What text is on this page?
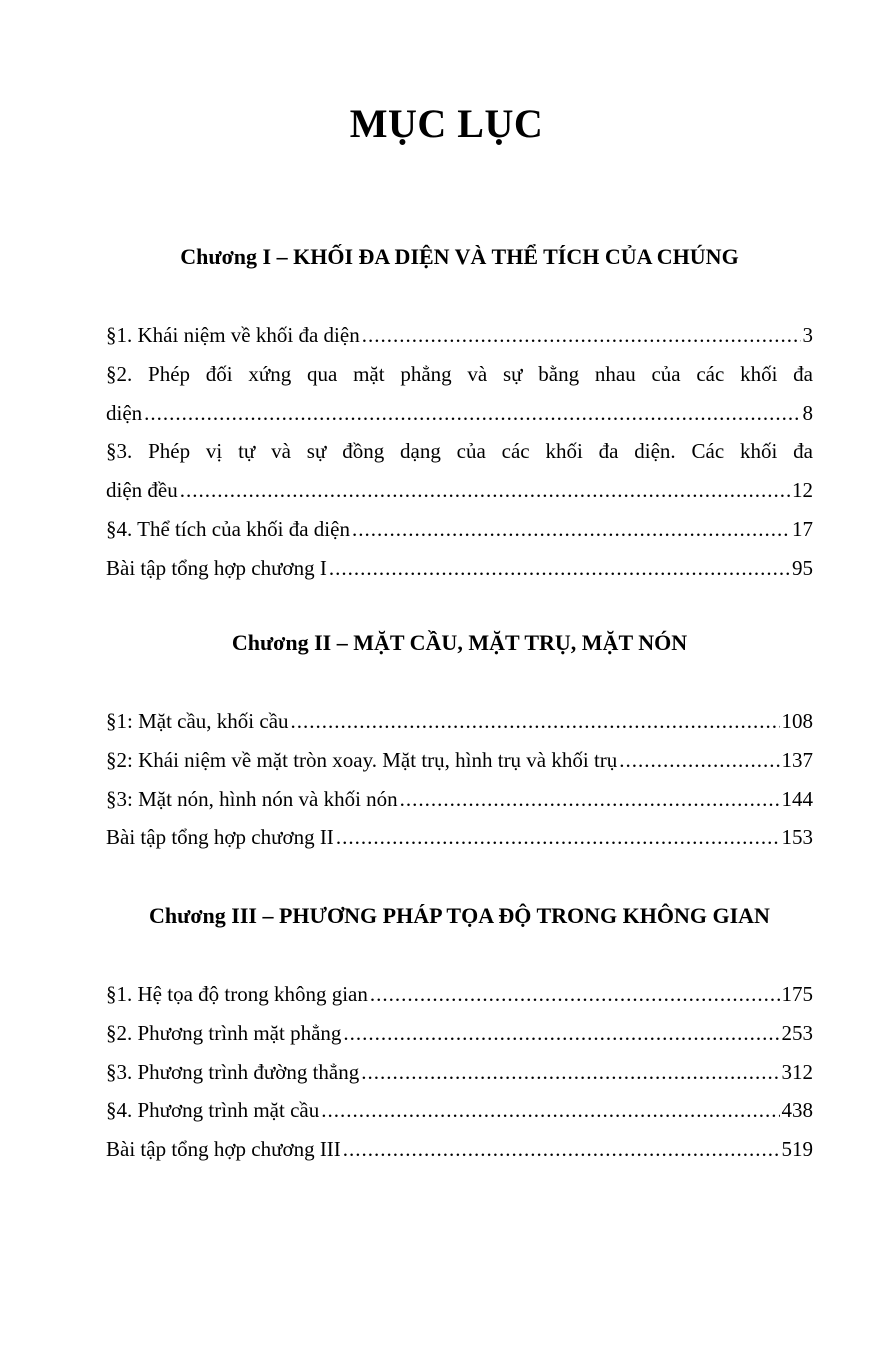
MỤC LỤC
Chương I – KHỐI ĐA DIỆN VÀ THỂ TÍCH CỦA CHÚNG
§1. Khái niệm về khối đa diện .....	3
§2. Phép đối xứng qua mặt phẳng và sự bằng nhau của các khối đa
diện .....	8
§3. Phép vị tự và sự đồng dạng của các khối đa diện. Các khối đa
diện đều .....	12
§4. Thể tích của khối đa diện .....	17
Bài tập tổng hợp chương I .....	95
Chương II – MẶT CẦU, MẶT TRỤ, MẶT NÓN
§1: Mặt cầu, khối cầu .....	108
§2: Khái niệm về mặt tròn xoay. Mặt trụ, hình trụ và khối trụ .....	137
§3: Mặt nón, hình nón và khối nón .....	144
Bài tập tổng hợp chương II .....	153
Chương III – PHƯƠNG PHÁP TỌA ĐỘ TRONG KHÔNG GIAN
§1. Hệ tọa độ trong không gian .....	175
§2. Phương trình mặt phẳng .....	253
§3. Phương trình đường thẳng .....	312
§4. Phương trình mặt cầu .....	438
Bài tập tổng hợp chương III .....	519
